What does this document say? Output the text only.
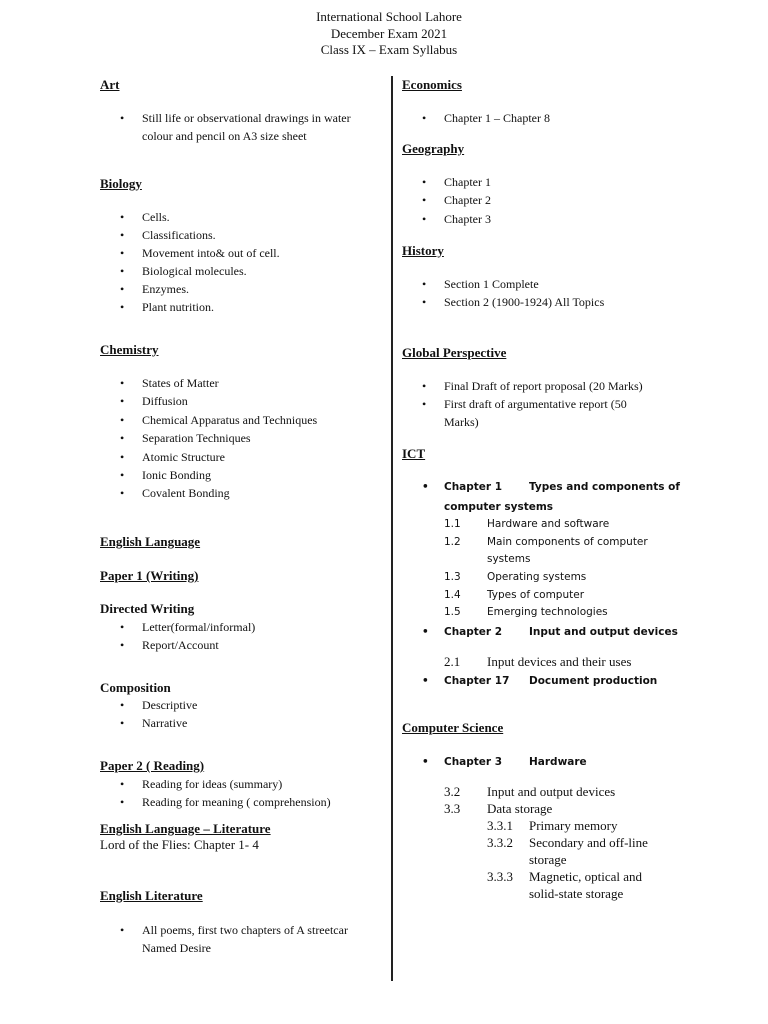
International School Lahore
December Exam 2021
Class IX – Exam Syllabus
Art
• Still life or observational drawings in water
colour and pencil on A3 size sheet
Biology
• Cells.
• Classifications.
• Movement into& out of cell.
• Biological molecules.
• Enzymes.
• Plant nutrition.
Chemistry
• States of Matter
• Diffusion
• Chemical Apparatus and Techniques
• Separation Techniques
• Atomic Structure
• Ionic Bonding
• Covalent Bonding
English Language
Paper 1 (Writing)
Directed Writing
• Letter(formal/informal)
• Report/Account
Composition
• Descriptive
• Narrative
Paper 2 ( Reading)
• Reading for ideas (summary)
• Reading for meaning ( comprehension)
English Language – Literature
Lord of the Flies: Chapter 1- 4
English Literature
• All poems, first two chapters of A streetcar
Named Desire
Economics
• Chapter 1 – Chapter 8
Geography
• Chapter 1
• Chapter 2
• Chapter 3
History
• Section 1 Complete
• Section 2 (1900-1924) All Topics
Global Perspective
• Final Draft of report proposal (20 Marks)
• First draft of argumentative report (50
Marks)
ICT
• Chapter 1	Types and components of
computer systems
1.1	Hardware and software
1.2	Main components of computer
systems
1.3	Operating systems
1.4	Types of computer
1.5	Emerging technologies
• Chapter 2	Input and output devices
2.1 Input devices and their uses
• Chapter 17 Document production
Computer Science
• Chapter 3	Hardware
3.2 Input and output devices
3.3 Data storage
3.3.1 Primary memory
3.3.2 Secondary and off-line
storage
3.3.3 Magnetic, optical and
solid-state storage
